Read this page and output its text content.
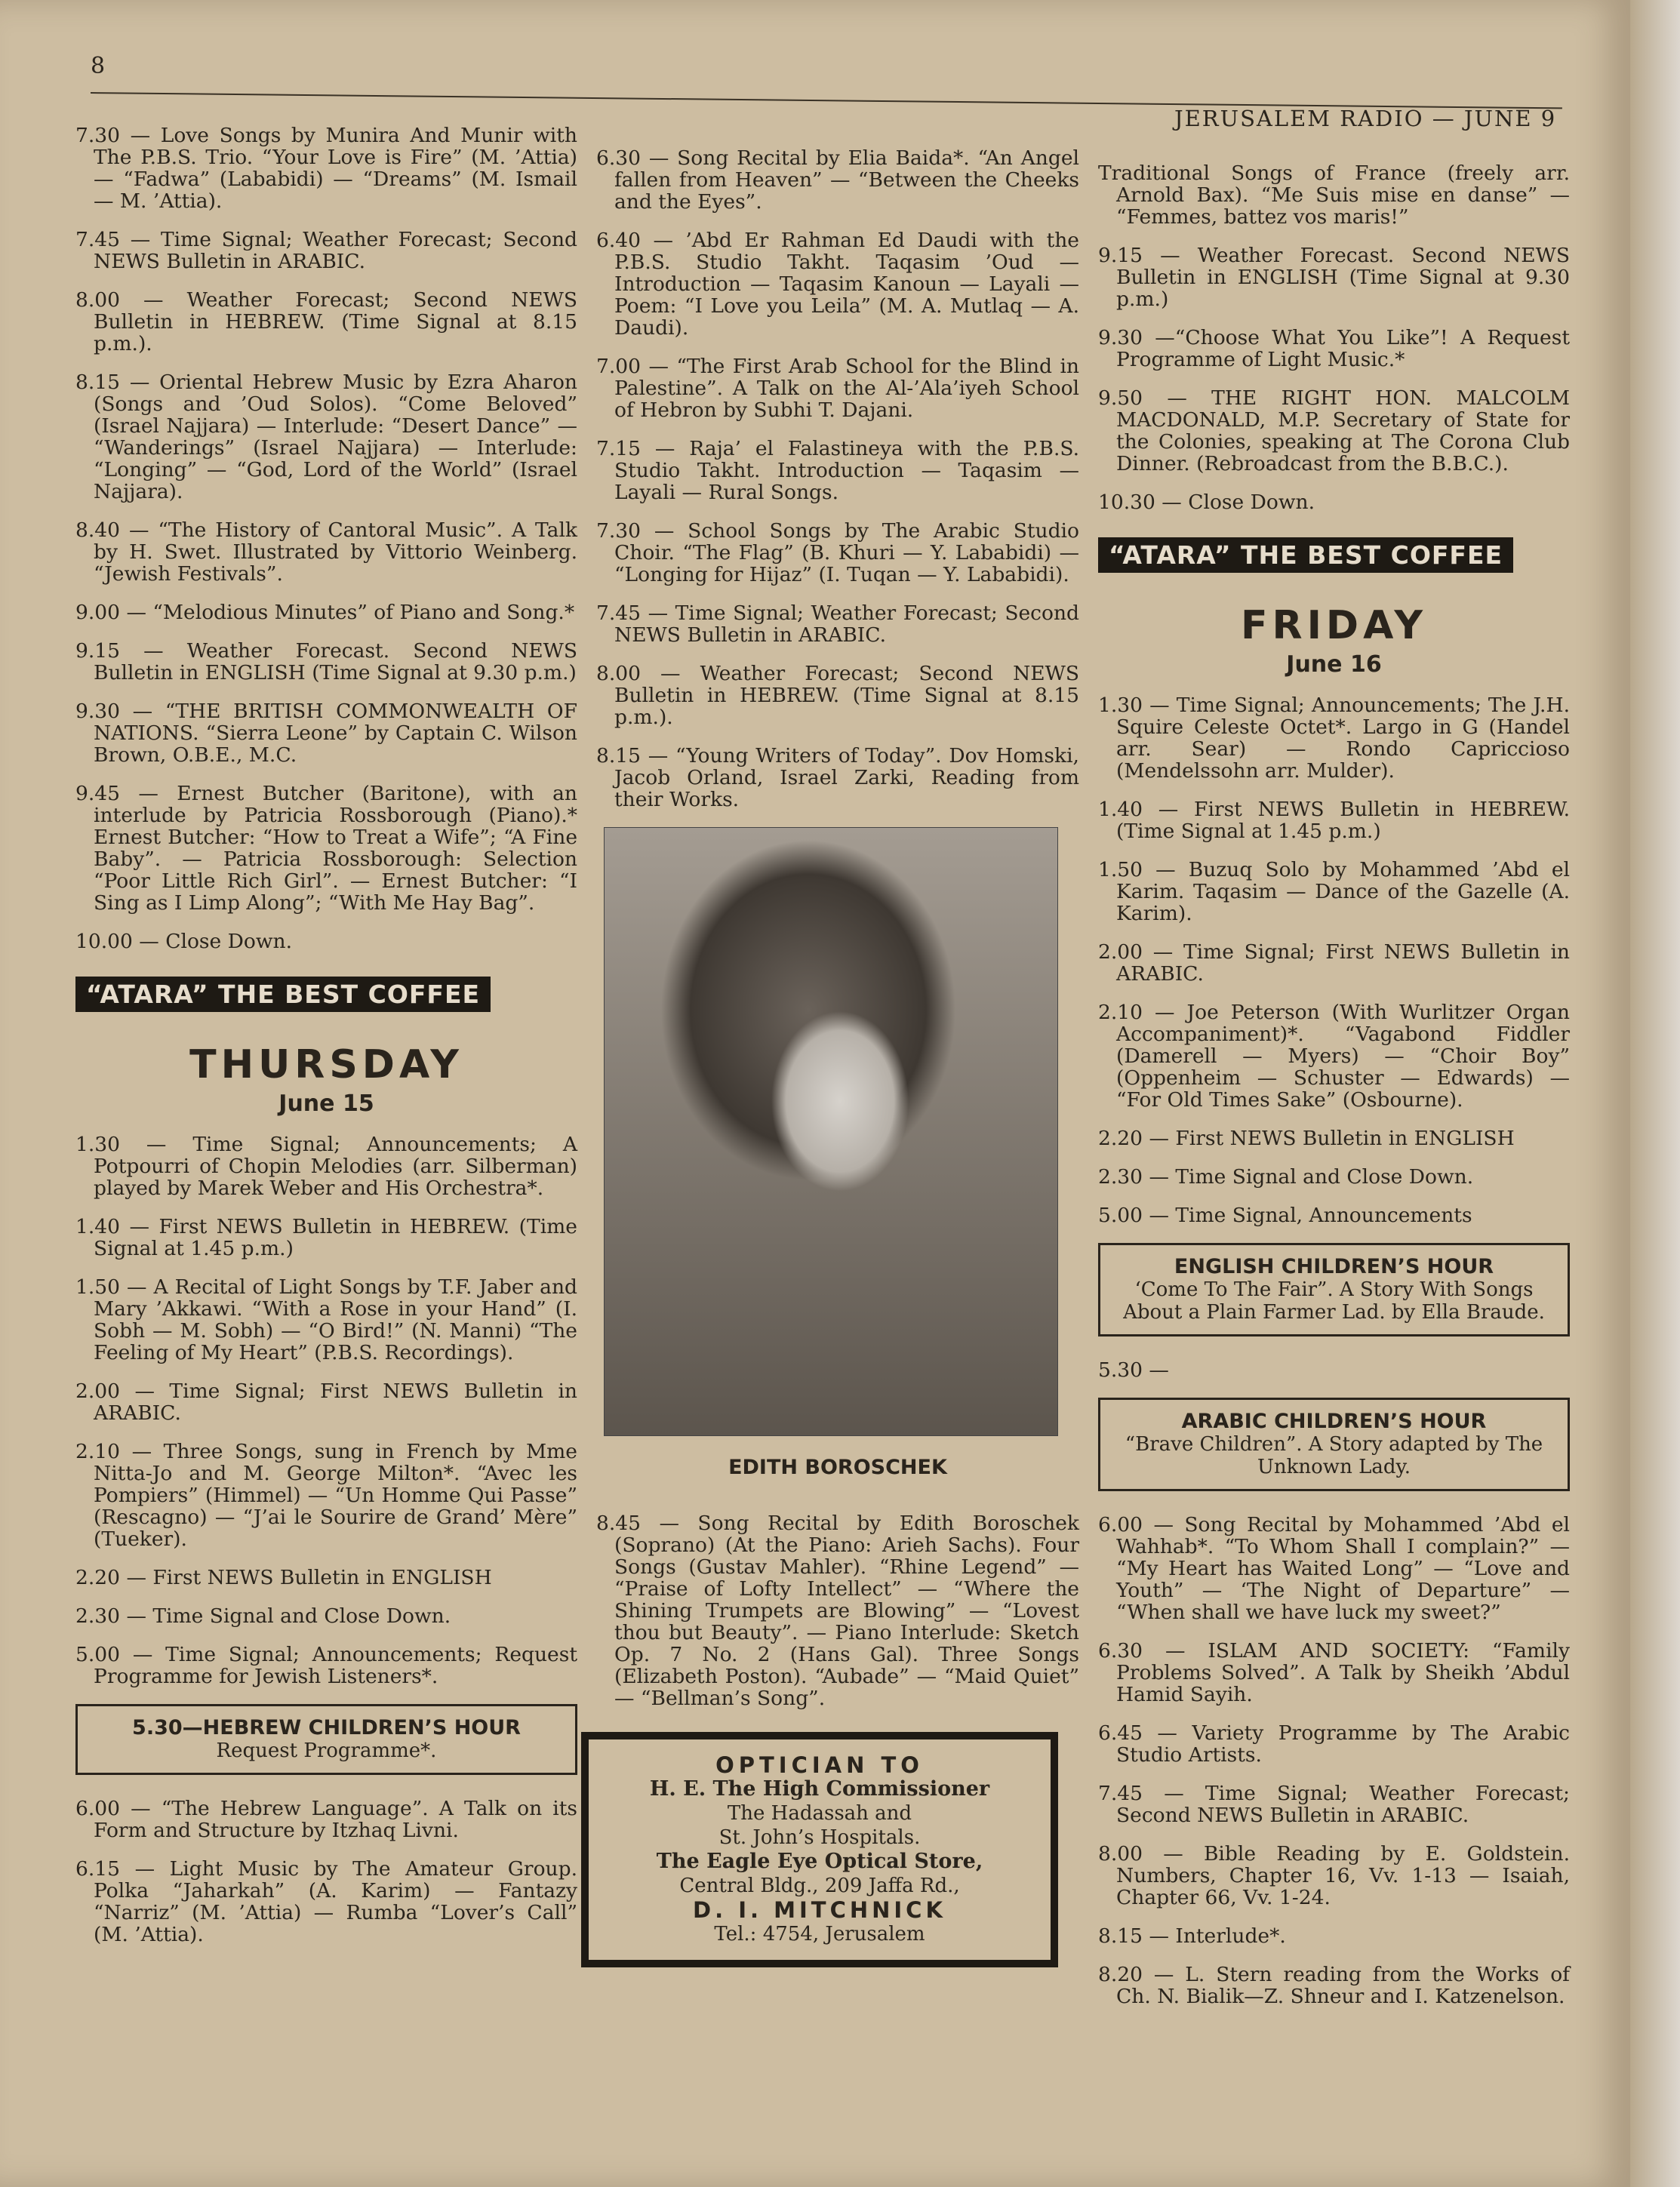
8
JERUSALEM RADIO — JUNE 9
7.30 — Love Songs by Munira And Munir with The P.B.S. Trio. “Your Love is Fire” (M. ’Attia) — “Fadwa” (Lababidi) — “Dreams” (M. Ismail — M. ’Attia).
7.45 — Time Signal; Weather Forecast; Second NEWS Bulletin in ARABIC.
8.00 — Weather Forecast; Second NEWS Bulletin in HEBREW. (Time Signal at 8.15 p.m.).
8.15 — Oriental Hebrew Music by Ezra Aharon (Songs and ’Oud Solos). “Come Beloved” (Israel Najjara) — Interlude: “Desert Dance” — “Wanderings” (Israel Najjara) — Interlude: “Longing” — “God, Lord of the World” (Israel Najjara).
8.40 — “The History of Cantoral Music”. A Talk by H. Swet. Illustrated by Vittorio Weinberg. “Jewish Festivals”.
9.00 — “Melodious Minutes” of Piano and Song.*
9.15 — Weather Forecast. Second NEWS Bulletin in ENGLISH (Time Signal at 9.30 p.m.)
9.30 — “THE BRITISH COMMONWEALTH OF NATIONS. “Sierra Leone” by Captain C. Wilson Brown, O.B.E., M.C.
9.45 — Ernest Butcher (Baritone), with an interlude by Patricia Rossborough (Piano).* Ernest Butcher: “How to Treat a Wife”; “A Fine Baby”. — Patricia Rossborough: Selection “Poor Little Rich Girl”. — Ernest Butcher: “I Sing as I Limp Along”; “With Me Hay Bag”.
10.00 — Close Down.
“ATARA” THE BEST COFFEE
THURSDAY
June 15
1.30 — Time Signal; Announcements; A Potpourri of Chopin Melodies (arr. Silberman) played by Marek Weber and His Orchestra*.
1.40 — First NEWS Bulletin in HEBREW. (Time Signal at 1.45 p.m.)
1.50 — A Recital of Light Songs by T.F. Jaber and Mary ’Akkawi. “With a Rose in your Hand” (I. Sobh — M. Sobh) — “O Bird!” (N. Manni) “The Feeling of My Heart” (P.B.S. Recordings).
2.00 — Time Signal; First NEWS Bulletin in ARABIC.
2.10 — Three Songs, sung in French by Mme Nitta-Jo and M. George Milton*. “Avec les Pompiers” (Himmel) — “Un Homme Qui Passe” (Rescagno) — “J’ai le Sourire de Grand’ Mère” (Tueker).
2.20 — First NEWS Bulletin in ENGLISH
2.30 — Time Signal and Close Down.
5.00 — Time Signal; Announcements; Request Programme for Jewish Listeners*.
5.30—HEBREW CHILDREN’S HOUR
Request Programme*.
6.00 — “The Hebrew Language”. A Talk on its Form and Structure by Itzhaq Livni.
6.15 — Light Music by The Amateur Group. Polka “Jaharkah” (A. Karim) — Fantazy “Narriz” (M. ’Attia) — Rumba “Lover’s Call” (M. ’Attia).
6.30 — Song Recital by Elia Baida*. “An Angel fallen from Heaven” — “Between the Cheeks and the Eyes”.
6.40 — ’Abd Er Rahman Ed Daudi with the P.B.S. Studio Takht. Taqasim ’Oud — Introduction — Taqasim Kanoun — Layali — Poem: “I Love you Leila” (M. A. Mutlaq — A. Daudi).
7.00 — “The First Arab School for the Blind in Palestine”. A Talk on the Al-’Ala’iyeh School of Hebron by Subhi T. Dajani.
7.15 — Raja’ el Falastineya with the P.B.S. Studio Takht. Introduction — Taqasim — Layali — Rural Songs.
7.30 — School Songs by The Arabic Studio Choir. “The Flag” (B. Khuri — Y. Lababidi) — “Longing for Hijaz” (I. Tuqan — Y. Lababidi).
7.45 — Time Signal; Weather Forecast; Second NEWS Bulletin in ARABIC.
8.00 — Weather Forecast; Second NEWS Bulletin in HEBREW. (Time Signal at 8.15 p.m.).
8.15 — “Young Writers of Today”. Dov Homski, Jacob Orland, Israel Zarki, Reading from their Works.
EDITH BOROSCHEK
8.45 — Song Recital by Edith Boroschek (Soprano) (At the Piano: Arieh Sachs). Four Songs (Gustav Mahler). “Rhine Legend” — “Praise of Lofty Intellect” — “Where the Shining Trumpets are Blowing” — “Lovest thou but Beauty”. — Piano Interlude: Sketch Op. 7 No. 2 (Hans Gal). Three Songs (Elizabeth Poston). “Aubade” — “Maid Quiet” — “Bellman’s Song”.
OPTICIAN TO
H. E. The High Commissioner
The Hadassah and
St. John’s Hospitals.
The Eagle Eye Optical Store,
Central Bldg., 209 Jaffa Rd.,
D. I. MITCHNICK
Tel.: 4754, Jerusalem
Traditional Songs of France (freely arr. Arnold Bax). “Me Suis mise en danse” — “Femmes, battez vos maris!”
9.15 — Weather Forecast. Second NEWS Bulletin in ENGLISH (Time Signal at 9.30 p.m.)
9.30 —“Choose What You Like”! A Request Programme of Light Music.*
9.50 — THE RIGHT HON. MALCOLM MACDONALD, M.P. Secretary of State for the Colonies, speaking at The Corona Club Dinner. (Rebroadcast from the B.B.C.).
10.30 — Close Down.
“ATARA” THE BEST COFFEE
FRIDAY
June 16
1.30 — Time Signal; Announcements; The J.H. Squire Celeste Octet*. Largo in G (Handel arr. Sear) — Rondo Capriccioso (Mendelssohn arr. Mulder).
1.40 — First NEWS Bulletin in HEBREW. (Time Signal at 1.45 p.m.)
1.50 — Buzuq Solo by Mohammed ’Abd el Karim. Taqasim — Dance of the Gazelle (A. Karim).
2.00 — Time Signal; First NEWS Bulletin in ARABIC.
2.10 — Joe Peterson (With Wurlitzer Organ Accompaniment)*. “Vagabond Fiddler (Damerell — Myers) — “Choir Boy” (Oppenheim — Schuster — Edwards) — “For Old Times Sake” (Osbourne).
2.20 — First NEWS Bulletin in ENGLISH
2.30 — Time Signal and Close Down.
5.00 — Time Signal, Announcements
ENGLISH CHILDREN’S HOUR
‘Come To The Fair”. A Story With Songs About a Plain Farmer Lad. by Ella Braude.
5.30 —
ARABIC CHILDREN’S HOUR
“Brave Children”. A Story adapted by The Unknown Lady.
6.00 — Song Recital by Mohammed ’Abd el Wahhab*. “To Whom Shall I complain?” — “My Heart has Waited Long” — “Love and Youth” — ‘The Night of Departure” — “When shall we have luck my sweet?”
6.30 — ISLAM AND SOCIETY: “Family Problems Solved”. A Talk by Sheikh ’Abdul Hamid Sayih.
6.45 — Variety Programme by The Arabic Studio Artists.
7.45 — Time Signal; Weather Forecast; Second NEWS Bulletin in ARABIC.
8.00 — Bible Reading by E. Goldstein. Numbers, Chapter 16, Vv. 1-13 — Isaiah, Chapter 66, Vv. 1-24.
8.15 — Interlude*.
8.20 — L. Stern reading from the Works of Ch. N. Bialik—Z. Shneur and I. Katzenelson.
